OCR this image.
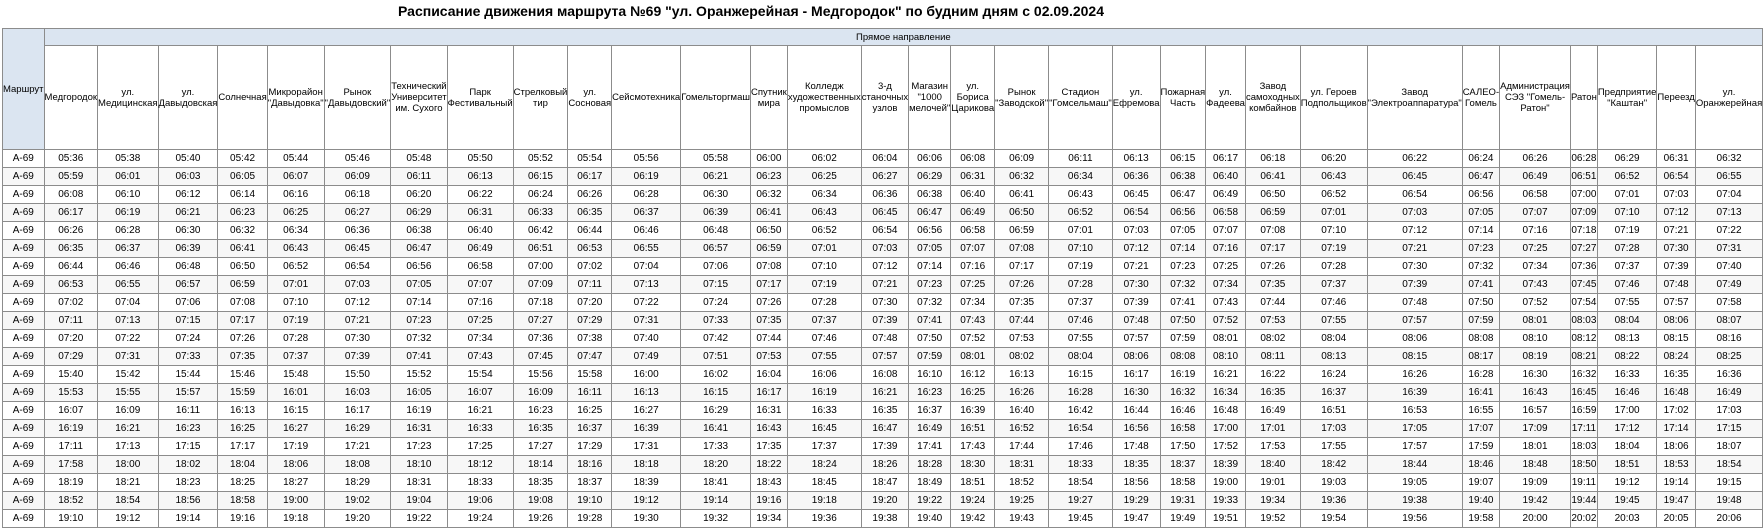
Расписание движения маршрута №69 "ул. Оранжерейная - Медгородок" по будним дням с 02.09.2024
Маршрут	Прямое направление																														
	Медгородок	ул. Медицинская	ул. Давыдовская	Солнечная	Микрорайон "Давыдовка"	Рынок "Давыдовский"	Технический Университет им. Сухого	Парк Фестивальный	Стрелковый тир	ул. Сосновая	Сейсмотехника	Гомельторгмаш	Спутник мира	Колледж художественных промыслов	3-д станочных узлов	Магазин "1000 мелочей"	ул. Бориса Царикова	Рынок "Заводской"	Стадион "Гомсельмаш"	ул. Ефремова	Пожарная Часть	ул. Фадеева	Завод самоходных комбайнов	ул. Героев Подпольщиков	Завод "Электроаппаратура"	САЛЕО-Гомель	Администрация СЭЗ "Гомель-Ратон"	Ратон	Предприятие "Каштан"	Переезд	ул. Оранжерейная
А-69	05:36	05:38	05:40	05:42	05:44	05:46	05:48	05:50	05:52	05:54	05:56	05:58	06:00	06:02	06:04	06:06	06:08	06:09	06:11	06:13	06:15	06:17	06:18	06:20	06:22	06:24	06:26	06:28	06:29	06:31	06:32
А-69	05:59	06:01	06:03	06:05	06:07	06:09	06:11	06:13	06:15	06:17	06:19	06:21	06:23	06:25	06:27	06:29	06:31	06:32	06:34	06:36	06:38	06:40	06:41	06:43	06:45	06:47	06:49	06:51	06:52	06:54	06:55
А-69	06:08	06:10	06:12	06:14	06:16	06:18	06:20	06:22	06:24	06:26	06:28	06:30	06:32	06:34	06:36	06:38	06:40	06:41	06:43	06:45	06:47	06:49	06:50	06:52	06:54	06:56	06:58	07:00	07:01	07:03	07:04
А-69	06:17	06:19	06:21	06:23	06:25	06:27	06:29	06:31	06:33	06:35	06:37	06:39	06:41	06:43	06:45	06:47	06:49	06:50	06:52	06:54	06:56	06:58	06:59	07:01	07:03	07:05	07:07	07:09	07:10	07:12	07:13
А-69	06:26	06:28	06:30	06:32	06:34	06:36	06:38	06:40	06:42	06:44	06:46	06:48	06:50	06:52	06:54	06:56	06:58	06:59	07:01	07:03	07:05	07:07	07:08	07:10	07:12	07:14	07:16	07:18	07:19	07:21	07:22
А-69	06:35	06:37	06:39	06:41	06:43	06:45	06:47	06:49	06:51	06:53	06:55	06:57	06:59	07:01	07:03	07:05	07:07	07:08	07:10	07:12	07:14	07:16	07:17	07:19	07:21	07:23	07:25	07:27	07:28	07:30	07:31
А-69	06:44	06:46	06:48	06:50	06:52	06:54	06:56	06:58	07:00	07:02	07:04	07:06	07:08	07:10	07:12	07:14	07:16	07:17	07:19	07:21	07:23	07:25	07:26	07:28	07:30	07:32	07:34	07:36	07:37	07:39	07:40
А-69	06:53	06:55	06:57	06:59	07:01	07:03	07:05	07:07	07:09	07:11	07:13	07:15	07:17	07:19	07:21	07:23	07:25	07:26	07:28	07:30	07:32	07:34	07:35	07:37	07:39	07:41	07:43	07:45	07:46	07:48	07:49
А-69	07:02	07:04	07:06	07:08	07:10	07:12	07:14	07:16	07:18	07:20	07:22	07:24	07:26	07:28	07:30	07:32	07:34	07:35	07:37	07:39	07:41	07:43	07:44	07:46	07:48	07:50	07:52	07:54	07:55	07:57	07:58
А-69	07:11	07:13	07:15	07:17	07:19	07:21	07:23	07:25	07:27	07:29	07:31	07:33	07:35	07:37	07:39	07:41	07:43	07:44	07:46	07:48	07:50	07:52	07:53	07:55	07:57	07:59	08:01	08:03	08:04	08:06	08:07
А-69	07:20	07:22	07:24	07:26	07:28	07:30	07:32	07:34	07:36	07:38	07:40	07:42	07:44	07:46	07:48	07:50	07:52	07:53	07:55	07:57	07:59	08:01	08:02	08:04	08:06	08:08	08:10	08:12	08:13	08:15	08:16
А-69	07:29	07:31	07:33	07:35	07:37	07:39	07:41	07:43	07:45	07:47	07:49	07:51	07:53	07:55	07:57	07:59	08:01	08:02	08:04	08:06	08:08	08:10	08:11	08:13	08:15	08:17	08:19	08:21	08:22	08:24	08:25
А-69	15:40	15:42	15:44	15:46	15:48	15:50	15:52	15:54	15:56	15:58	16:00	16:02	16:04	16:06	16:08	16:10	16:12	16:13	16:15	16:17	16:19	16:21	16:22	16:24	16:26	16:28	16:30	16:32	16:33	16:35	16:36
А-69	15:53	15:55	15:57	15:59	16:01	16:03	16:05	16:07	16:09	16:11	16:13	16:15	16:17	16:19	16:21	16:23	16:25	16:26	16:28	16:30	16:32	16:34	16:35	16:37	16:39	16:41	16:43	16:45	16:46	16:48	16:49
А-69	16:07	16:09	16:11	16:13	16:15	16:17	16:19	16:21	16:23	16:25	16:27	16:29	16:31	16:33	16:35	16:37	16:39	16:40	16:42	16:44	16:46	16:48	16:49	16:51	16:53	16:55	16:57	16:59	17:00	17:02	17:03
А-69	16:19	16:21	16:23	16:25	16:27	16:29	16:31	16:33	16:35	16:37	16:39	16:41	16:43	16:45	16:47	16:49	16:51	16:52	16:54	16:56	16:58	17:00	17:01	17:03	17:05	17:07	17:09	17:11	17:12	17:14	17:15
А-69	17:11	17:13	17:15	17:17	17:19	17:21	17:23	17:25	17:27	17:29	17:31	17:33	17:35	17:37	17:39	17:41	17:43	17:44	17:46	17:48	17:50	17:52	17:53	17:55	17:57	17:59	18:01	18:03	18:04	18:06	18:07
А-69	17:58	18:00	18:02	18:04	18:06	18:08	18:10	18:12	18:14	18:16	18:18	18:20	18:22	18:24	18:26	18:28	18:30	18:31	18:33	18:35	18:37	18:39	18:40	18:42	18:44	18:46	18:48	18:50	18:51	18:53	18:54
А-69	18:19	18:21	18:23	18:25	18:27	18:29	18:31	18:33	18:35	18:37	18:39	18:41	18:43	18:45	18:47	18:49	18:51	18:52	18:54	18:56	18:58	19:00	19:01	19:03	19:05	19:07	19:09	19:11	19:12	19:14	19:15
А-69	18:52	18:54	18:56	18:58	19:00	19:02	19:04	19:06	19:08	19:10	19:12	19:14	19:16	19:18	19:20	19:22	19:24	19:25	19:27	19:29	19:31	19:33	19:34	19:36	19:38	19:40	19:42	19:44	19:45	19:47	19:48
А-69	19:10	19:12	19:14	19:16	19:18	19:20	19:22	19:24	19:26	19:28	19:30	19:32	19:34	19:36	19:38	19:40	19:42	19:43	19:45	19:47	19:49	19:51	19:52	19:54	19:56	19:58	20:00	20:02	20:03	20:05	20:06
